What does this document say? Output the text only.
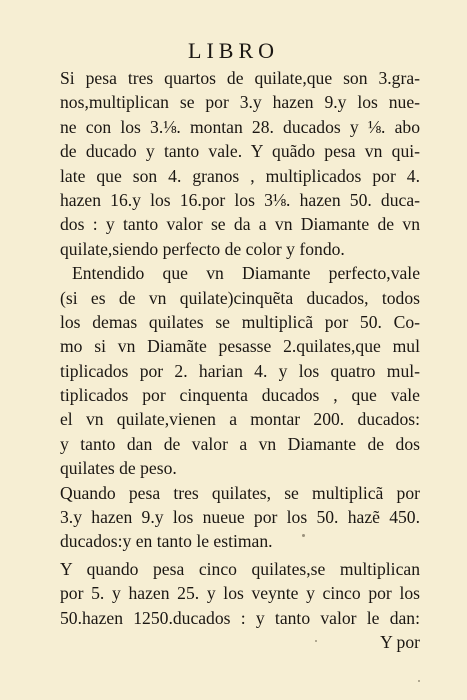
LIBRO
Si pesa tres quartos de quilate,que son 3.gra-
nos,multiplican se por 3.y hazen 9.y los nue-
ne con los 3.⅛. montan 28. ducados y ⅛. abo
de ducado y tanto vale. Y quãdo pesa vn qui-
late que son 4. granos , multiplicados por 4.
hazen 16.y los 16.por los 3⅛. hazen 50. duca-
dos : y tanto valor se da a vn Diamante de vn
quilate,siendo perfecto de color y fondo.
Entendido que vn Diamante perfecto,vale
(si es de vn quilate)cinquẽta ducados, todos
los demas quilates se multiplicã por 50. Co-
mo si vn Diamãte pesasse 2.quilates,que mul
tiplicados por 2. harian 4. y los quatro mul-
tiplicados por cinquenta ducados , que vale
el vn quilate,vienen a montar 200. ducados:
y tanto dan de valor a vn Diamante de dos
quilates de peso.
Quando pesa tres quilates, se multiplicã por
3.y hazen 9.y los nueue por los 50. hazẽ 450.
ducados:y en tanto le estiman.
Y quando pesa cinco quilates,se multiplican
por 5. y hazen 25. y los veynte y cinco por los
50.hazen 1250.ducados : y tanto valor le dan:
Y por
